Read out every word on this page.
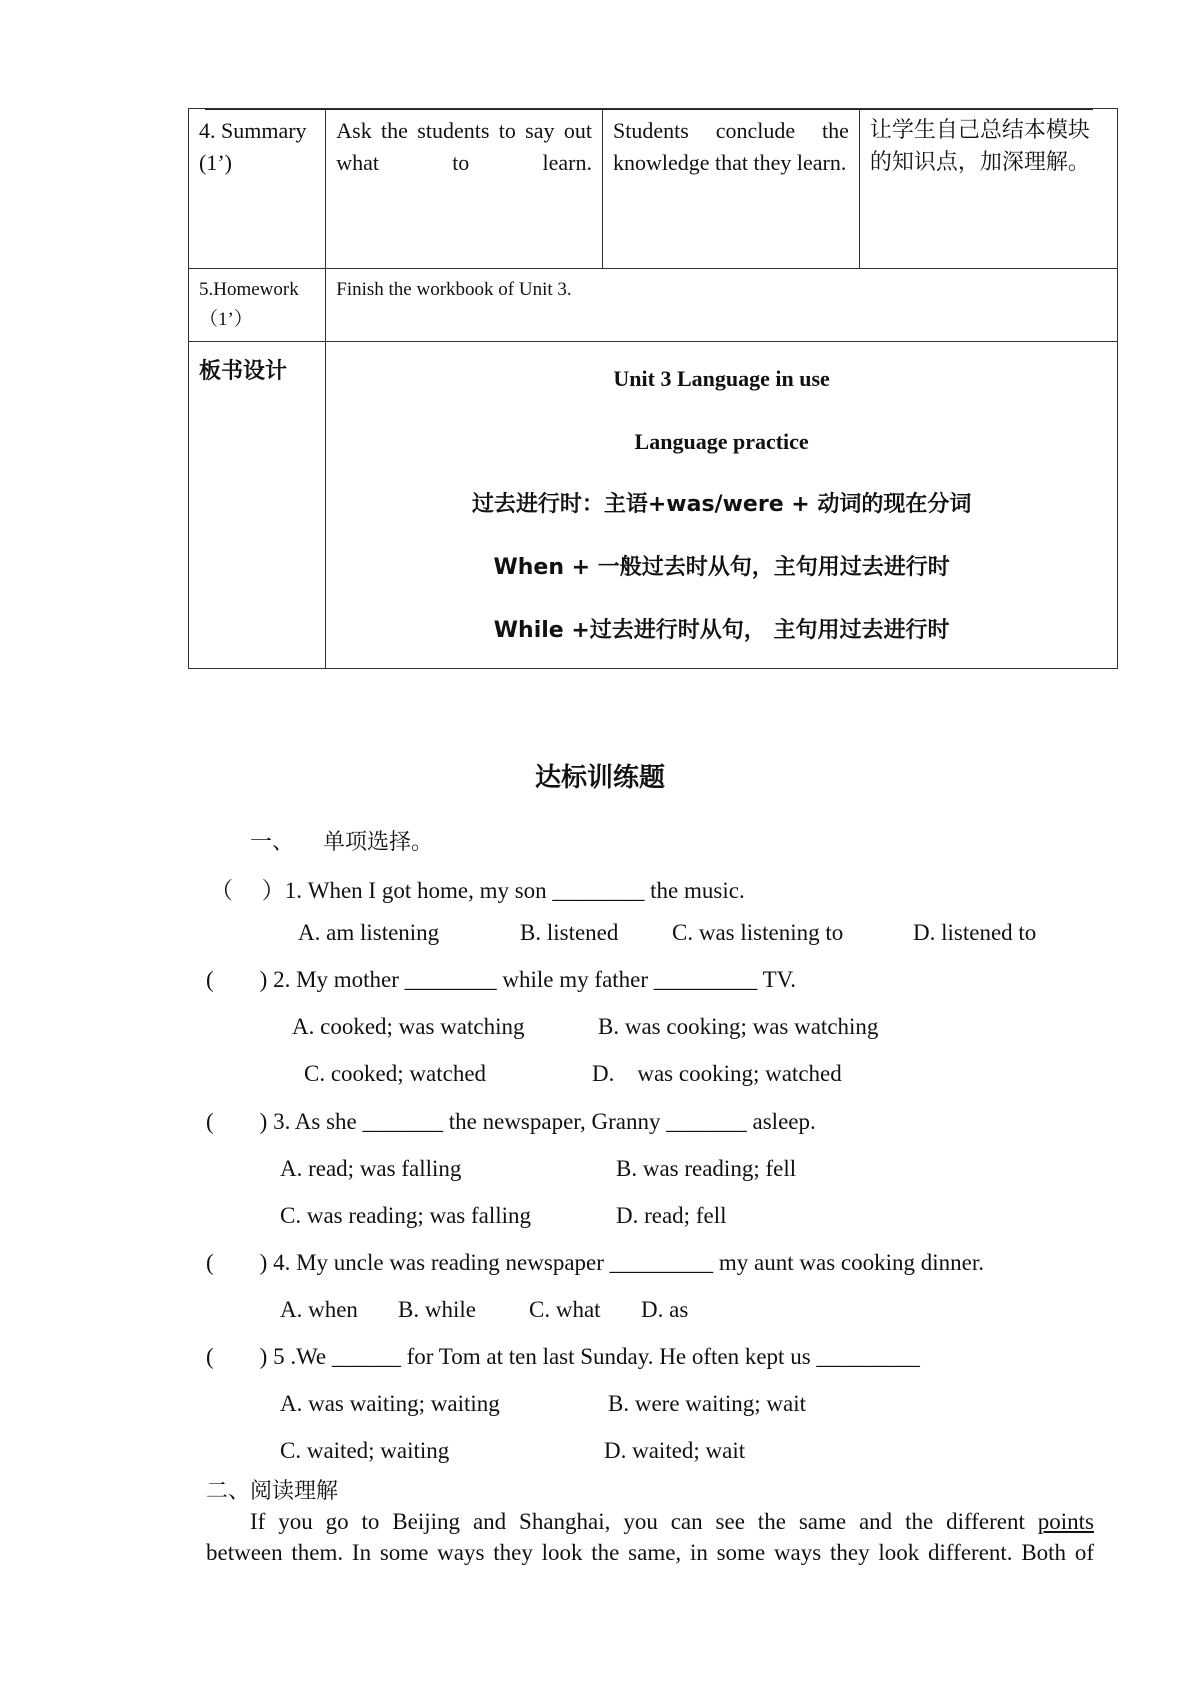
4. Summary (1’)	Ask the students to say out what to learn.	Students conclude the knowledge that they learn.	让学生自己总结本模块的知识点，加深理解。

5.Homework
（1’）	Finish the workbook of Unit 3.		
板书设计	Unit 3 Language in use
Language practice
过去进行时：主语+was/were + 动词的现在分词
When + 一般过去时从句，主句用过去进行时
While +过去进行时从句， 主句用过去进行时		
达标训练题
一、 单项选择。
（     ）1. When I got home, my son ________ the music.
A. am listening	B. listened C. was listening to	D. listened to
(        ) 2. My mother ________ while my father _________ TV.
A. cooked; was watching	B. was cooking; was watching
C. cooked; watched	D.    was cooking; watched
(        ) 3. As she _______ the newspaper, Granny _______ asleep.
A. read; was falling	B. was reading; fell
C. was reading; was falling	D. read; fell
(        ) 4. My uncle was reading newspaper _________ my aunt was cooking dinner.
A. when B. while C. what D. as
(        ) 5 .We ______ for Tom at ten last Sunday. He often kept us _________
A. was waiting; waiting	B. were waiting; wait
C. waited; waiting	D. waited; wait
二、阅读理解
If you go to Beijing and Shanghai, you can see the same and the different points
between them. In some ways they look the same, in some ways they look different. Both of
